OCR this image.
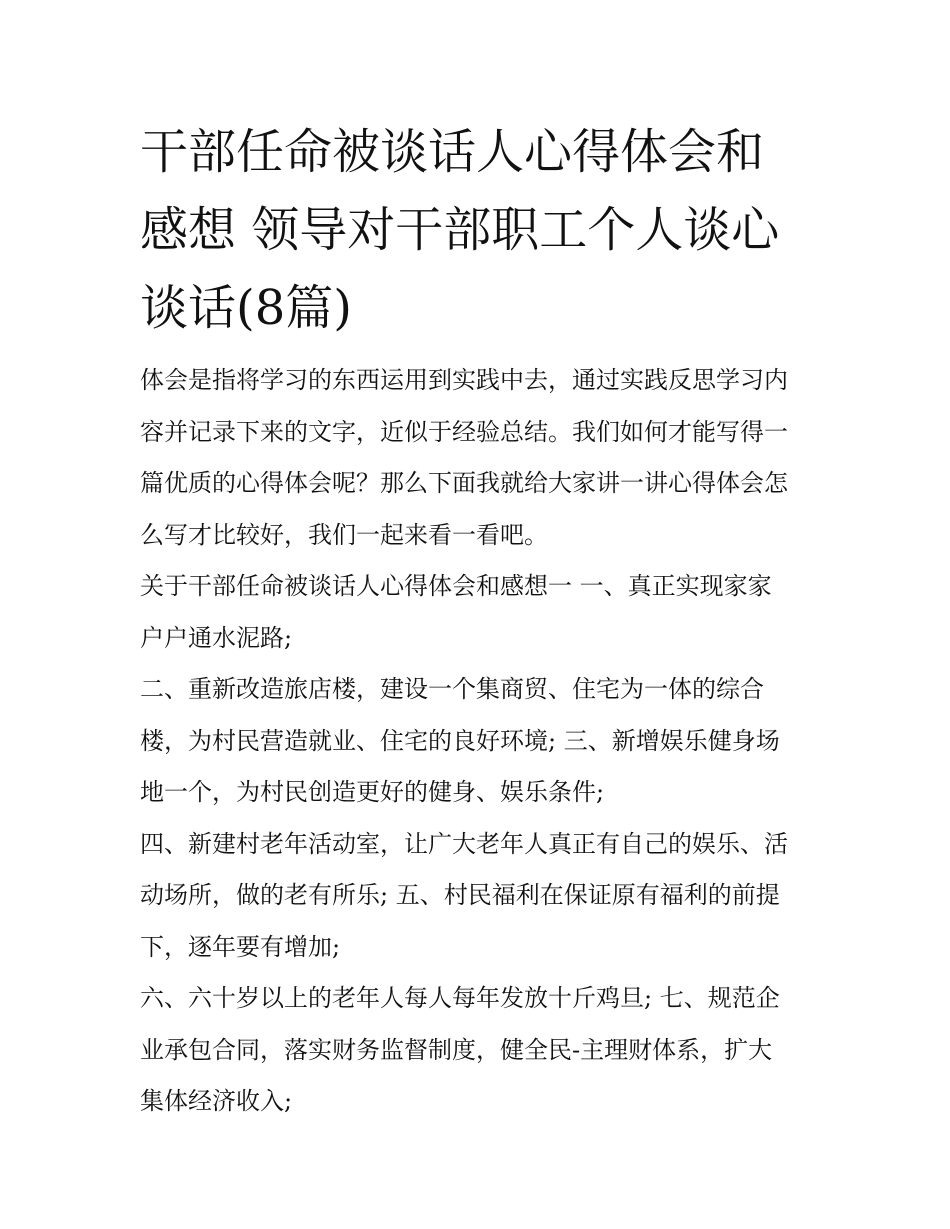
干部任命被谈话人心得体会和
感想 领导对干部职工个人谈心
谈话(8篇)
体会是指将学习的东西运用到实践中去，通过实践反思学习内
容并记录下来的文字，近似于经验总结。我们如何才能写得一
篇优质的心得体会呢？那么下面我就给大家讲一讲心得体会怎
么写才比较好，我们一起来看一看吧。
关于干部任命被谈话人心得体会和感想一 一、真正实现家家
户户通水泥路;
二、重新改造旅店楼，建设一个集商贸、住宅为一体的综合
楼，为村民营造就业、住宅的良好环境; 三、新增娱乐健身场
地一个，为村民创造更好的健身、娱乐条件;
四、新建村老年活动室，让广大老年人真正有自己的娱乐、活
动场所，做的老有所乐; 五、村民福利在保证原有福利的前提
下，逐年要有增加;
六、六十岁以上的老年人每人每年发放十斤鸡旦; 七、规范企
业承包合同，落实财务监督制度，健全民-主理财体系，扩大
集体经济收入;
